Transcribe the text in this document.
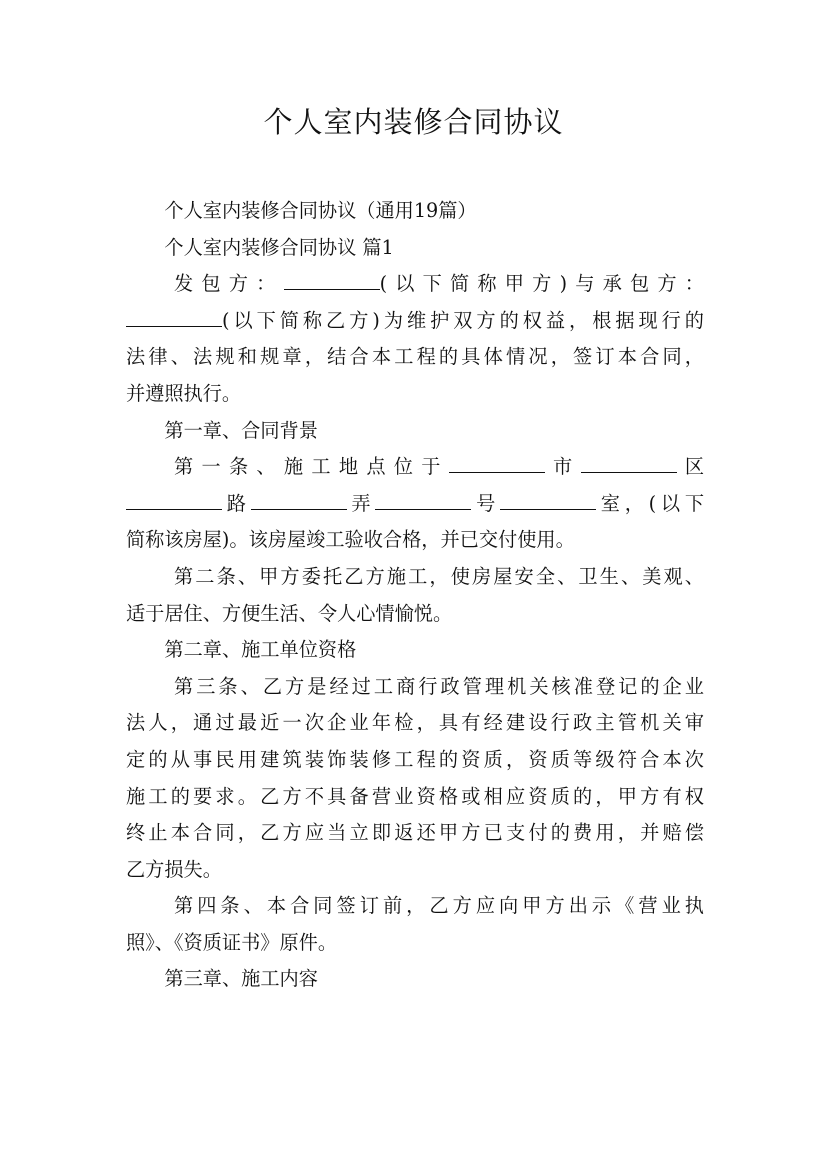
个人室内装修合同协议

个人室内装修合同协议（通用19篇）

个人室内装修合同协议 篇1

发包方：	(以下简称甲方)与承包方：
(以下简称乙方)为维护双方的权益，根据现行的
法律、法规和规章，结合本工程的具体情况，签订本合同，
并遵照执行。

第一章、合同背景

第一条、施工地点位于	市	区
路	弄	号	室，(以下
简称该房屋)。该房屋竣工验收合格，并已交付使用。

第二条、甲方委托乙方施工，使房屋安全、卫生、美观、
适于居住、方便生活、令人心情愉悦。

第二章、施工单位资格

第三条、乙方是经过工商行政管理机关核准登记的企业
法人，通过最近一次企业年检，具有经建设行政主管机关审
定的从事民用建筑装饰装修工程的资质，资质等级符合本次
施工的要求。乙方不具备营业资格或相应资质的，甲方有权
终止本合同，乙方应当立即返还甲方已支付的费用，并赔偿
乙方损失。

第四条、本合同签订前，乙方应向甲方出示《营业执
照》、《资质证书》原件。

第三章、施工内容
